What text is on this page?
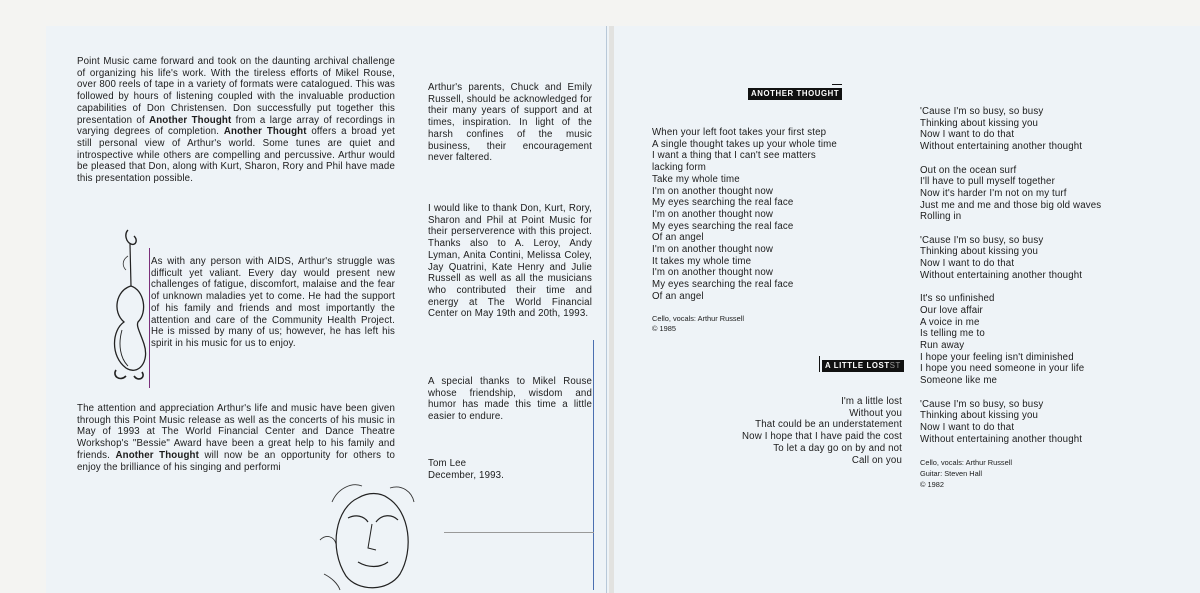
Point Music came forward and took on the daunting archival challenge of organizing his life's work. With the tireless efforts of Mikel Rouse, over 800 reels of tape in a variety of formats were catalogued. This was followed by hours of listening coupled with the invaluable production capabilities of Don Christensen. Don successfully put together this presentation of Another Thought from a large array of recordings in varying degrees of completion. Another Thought offers a broad yet still personal view of Arthur's world. Some tunes are quiet and introspective while others are compelling and percussive. Arthur would be pleased that Don, along with Kurt, Sharon, Rory and Phil have made this presentation possible.
As with any person with AIDS, Arthur's struggle was difficult yet valiant. Every day would present new challenges of fatigue, discomfort, malaise and the fear of unknown maladies yet to come. He had the support of his family and friends and most importantly the attention and care of the Community Health Project. He is missed by many of us; however, he has left his spirit in his music for us to enjoy.
The attention and appreciation Arthur's life and music have been given through this Point Music release as well as the concerts of his music in May of 1993 at The World Financial Center and Dance Theatre Workshop's "Bessie" Award have been a great help to his family and friends. Another Thought will now be an opportunity for others to enjoy the brilliance of his singing and performi
Arthur's parents, Chuck and Emily Russell, should be acknowledged for their many years of support and at times, inspiration. In light of the harsh confines of the music business, their encouragement never faltered.
I would like to thank Don, Kurt, Rory, Sharon and Phil at Point Music for their perserverence with this project. Thanks also to A. Leroy, Andy Lyman, Anita Contini, Melissa Coley, Jay Quatrini, Kate Henry and Julie Russell as well as all the musicians who contributed their time and energy at The World Financial Center on May 19th and 20th, 1993.
A special thanks to Mikel Rouse whose friendship, wisdom and humor has made this time a little easier to endure.
Tom Lee
December, 1993.
ANOTHER THOUGHT
When your left foot takes your first step
A single thought takes up your whole time
I want a thing that I can't see matters
lacking form
Take my whole time
I'm on another thought now
My eyes searching the real face
I'm on another thought now
My eyes searching the real face
Of an angel
I'm on another thought now
It takes my whole time
I'm on another thought now
My eyes searching the real face
Of an angel
Cello, vocals: Arthur Russell
© 1985
A LITTLE LOSTST
I'm a little lost
Without you
That could be an understatement
Now I hope that I have paid the cost
To let a day go on by and not
Call on you
'Cause I'm so busy, so busy
Thinking about kissing you
Now I want to do that
Without entertaining another thought
Out on the ocean surf
I'll have to pull myself together
Now it's harder I'm not on my turf
Just me and me and those big old waves
Rolling in
'Cause I'm so busy, so busy
Thinking about kissing you
Now I want to do that
Without entertaining another thought
It's so unfinished
Our love affair
A voice in me
Is telling me to
Run away
I hope your feeling isn't diminished
I hope you need someone in your life
Someone like me
'Cause I'm so busy, so busy
Thinking about kissing you
Now I want to do that
Without entertaining another thought
Cello, vocals: Arthur Russell
Guitar: Steven Hall
© 1982
